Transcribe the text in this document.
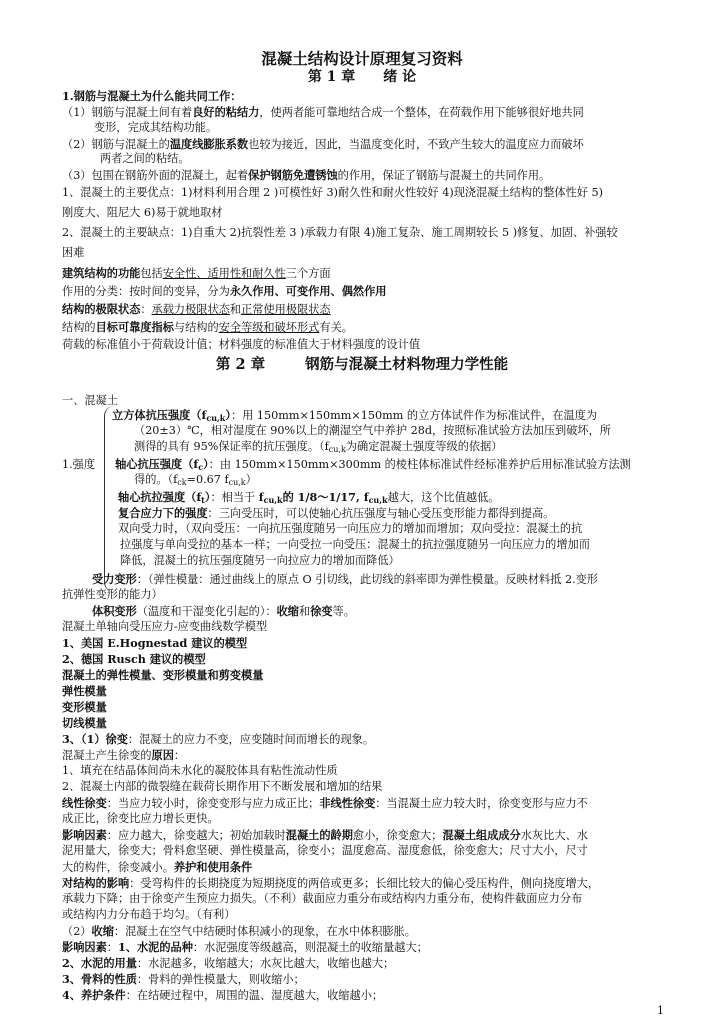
混凝土结构设计原理复习资料
第 1 章　　绪 论
1.钢筋与混凝土为什么能共同工作：
（1）钢筋与混凝土间有着良好的粘结力，使两者能可靠地结合成一个整体，在荷载作用下能够很好地共同
变形，完成其结构功能。
（2）钢筋与混凝土的温度线膨胀系数也较为接近，因此，当温度变化时，不致产生较大的温度应力而破坏
两者之间的粘结。
（3）包围在钢筋外面的混凝土，起着保护钢筋免遭锈蚀的作用，保证了钢筋与混凝土的共同作用。
1、混凝土的主要优点：1)材料利用合理 2 )可模性好 3)耐久性和耐火性较好 4)现浇混凝土结构的整体性好 5)
刚度大、阻尼大 6)易于就地取材
2、混凝土的主要缺点：1)自重大 2)抗裂性差 3 )承载力有限 4)施工复杂、施工周期较长 5 )修复、加固、补强较
困难
建筑结构的功能包括安全性、适用性和耐久性三个方面
作用的分类：按时间的变异，分为永久作用、可变作用、偶然作用
结构的极限状态：承载力极限状态和正常使用极限状态
结构的目标可靠度指标与结构的安全等级和破坏形式有关。
荷载的标准值小于荷载设计值；材料强度的标准值大于材料强度的设计值
第 2 章	钢筋与混凝土材料物理力学性能
一、混凝土
立方体抗压强度（fcu,k）：用 150mm×150mm×150mm 的立方体试件作为标准试件，在温度为
（20±3）℃，相对湿度在 90%以上的潮湿空气中养护 28d，按照标准试验方法加压到破坏，所
测得的具有 95%保证率的抗压强度。（fcu,k为确定混凝土强度等级的依据）
1.强度 轴心抗压强度（fc）：由 150mm×150mm×300mm 的棱柱体标准试件经标准养护后用标准试验方法测
得的。（fck=0.67 fcu,k）
轴心抗拉强度（ft）：相当于 fcu,k的 1/8～1/17, fcu,k越大，这个比值越低。
复合应力下的强度：三向受压时，可以使轴心抗压强度与轴心受压变形能力都得到提高。
双向受力时，（双向受压：一向抗压强度随另一向压应力的增加而增加；双向受拉：混凝土的抗
拉强度与单向受拉的基本一样；一向受拉一向受压：混凝土的抗拉强度随另一向压应力的增加而
降低，混凝土的抗压强度随另一向拉应力的增加而降低）
受力变形：（弹性模量：通过曲线上的原点 O 引切线，此切线的斜率即为弹性模量。反映材料抵 2.变形
抗弹性变形的能力）
体积变形（温度和干湿变化引起的）：收缩和徐变等。
混凝土单轴向受压应力-应变曲线数学模型
1、美国 E.Hognestad 建议的模型
2、德国 Rusch 建议的模型
混凝土的弹性模量、变形模量和剪变模量
弹性模量
变形模量
切线模量
3、（1）徐变：混凝土的应力不变，应变随时间而增长的现象。
混凝土产生徐变的原因：
1、填充在结晶体间尚未水化的凝胶体具有粘性流动性质
2、混凝土内部的微裂缝在载荷长期作用下不断发展和增加的结果
线性徐变：当应力较小时，徐变变形与应力成正比；非线性徐变：当混凝土应力较大时，徐变变形与应力不
成正比，徐变比应力增长更快。
影响因素：应力越大，徐变越大；初始加载时混凝土的龄期愈小，徐变愈大；混凝土组成成分水灰比大、水
泥用量大，徐变大；骨料愈坚硬、弹性模量高，徐变小；温度愈高、湿度愈低，徐变愈大；尺寸大小，尺寸
大的构件，徐变减小。养护和使用条件
对结构的影响：受弯构件的长期挠度为短期挠度的两倍或更多；长细比较大的偏心受压构件，侧向挠度增大，
承载力下降；由于徐变产生预应力损失。（不利）截面应力重分布或结构内力重分布，使构件截面应力分布
或结构内力分布趋于均匀。（有利）
（2）收缩：混凝土在空气中结硬时体积减小的现象，在水中体积膨胀。
影响因素：1、水泥的品种：水泥强度等级越高，则混凝土的收缩量越大；
2、水泥的用量：水泥越多，收缩越大；水灰比越大，收缩也越大；
3、骨料的性质：骨料的弹性模量大，则收缩小；
4、养护条件：在结硬过程中，周围的温、湿度越大，收缩越小；
1
